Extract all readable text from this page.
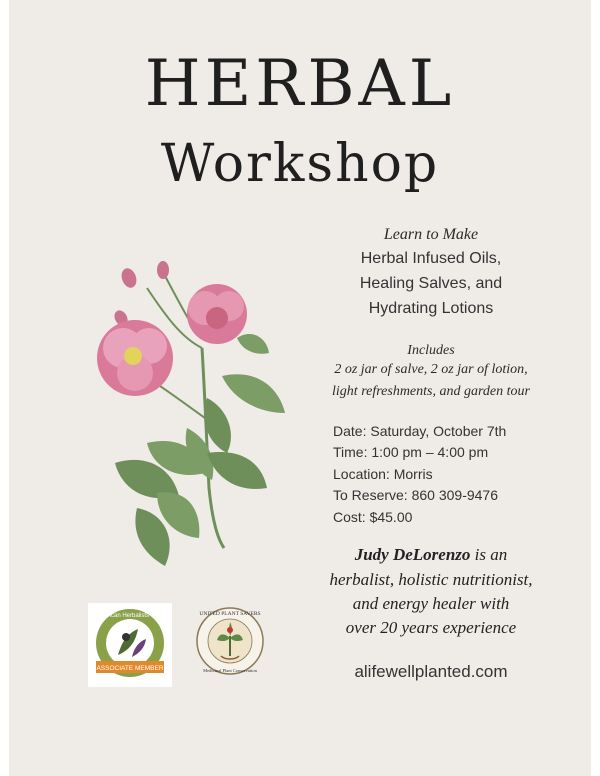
HERBAL
Workshop
Learn to Make
Herbal Infused Oils,
Healing Salves, and
Hydrating Lotions
Includes
2 oz jar of salve, 2 oz jar of lotion,
light refreshments, and garden tour
Date: Saturday, October 7th
Time: 1:00 pm – 4:00 pm
Location: Morris
To Reserve: 860 309-9476
Cost: $45.00
Judy DeLorenzo is an
herbalist, holistic nutritionist,
and energy healer with
over 20 years experience
alifewellplanted.com
ASSOCIATE MEMBER
American Herbalists Guild	UNITED PLANT SAVERS
Medicinal Plant Conservation
